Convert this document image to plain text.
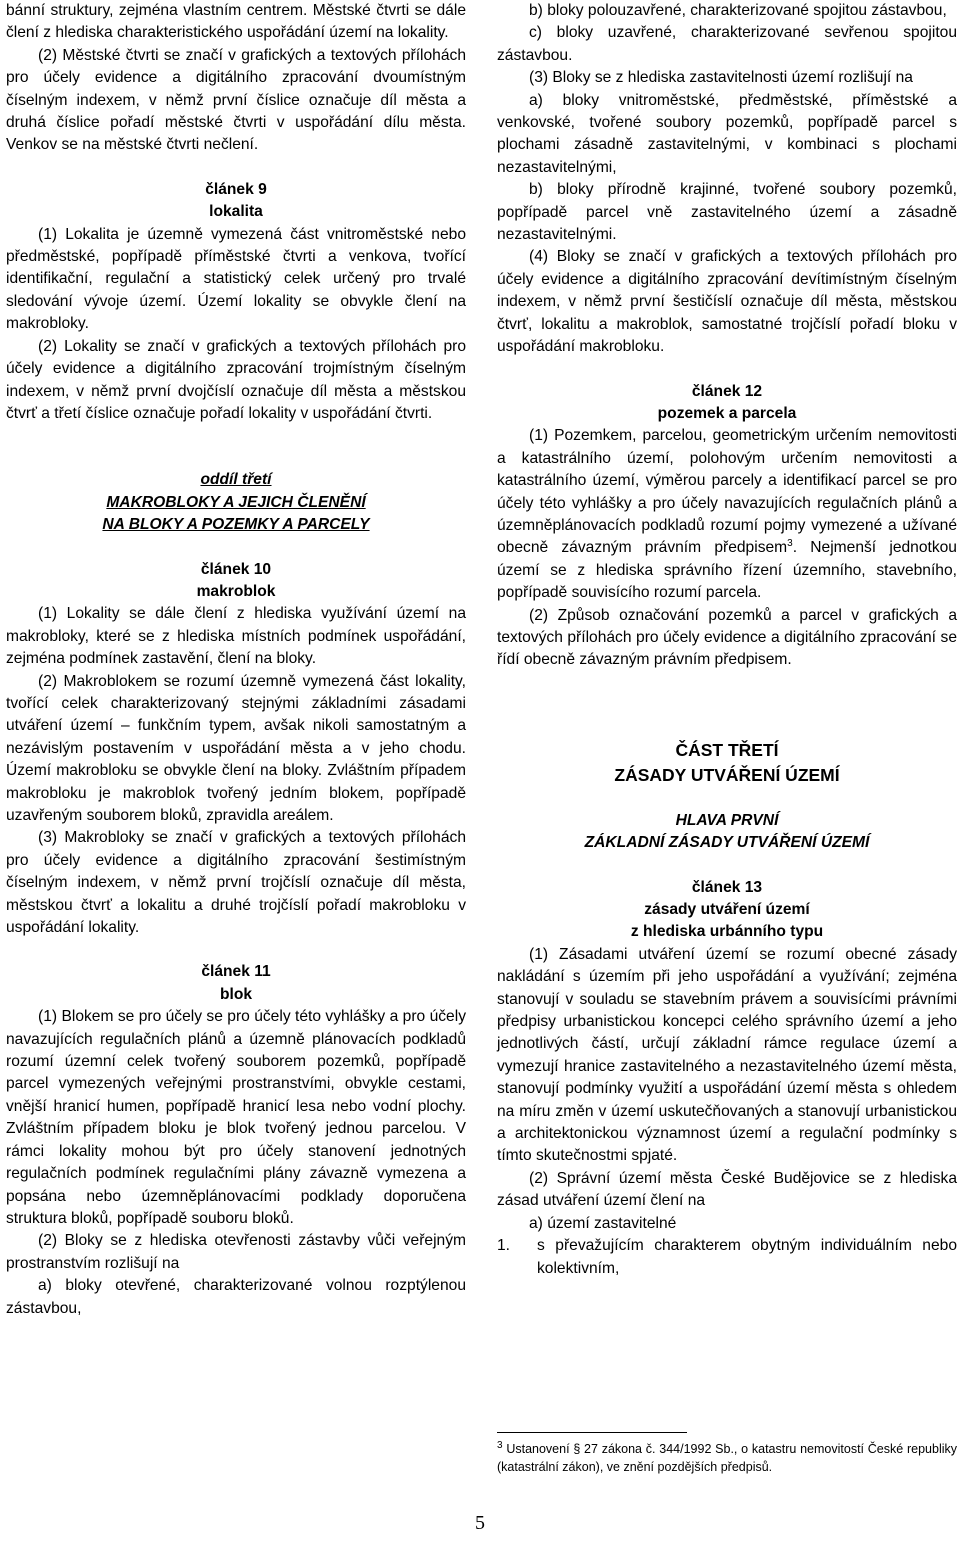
bánní struktury, zejména vlastním centrem. Městské čtvrti se dále člení z hlediska charakteristického uspořádání území na lokality.

(2) Městské čtvrti se značí v grafických a textových přílohách pro účely evidence a digitálního zpracování dvoumístným číselným indexem, v němž první číslice označuje díl města a druhá číslice pořadí městské čtvrti v uspořádání dílu města. Venkov se na městské čtvrti nečlení.

článek 9

lokalita

(1) Lokalita je územně vymezená část vnitroměstské nebo předměstské, popřípadě příměstské čtvrti a venkova, tvořící identifikační, regulační a statistický celek určený pro trvalé sledování vývoje území. Území lokality se obvykle člení na makrobloky.

(2) Lokality se značí v grafických a textových přílohách pro účely evidence a digitálního zpracování trojmístným číselným indexem, v němž první dvojčíslí označuje díl města a městskou čtvrť a třetí číslice označuje pořadí lokality v uspořádání čtvrti.

oddíl třetí

MAKROBLOKY A JEJICH ČLENĚNÍ

NA BLOKY A POZEMKY A PARCELY

článek 10

makroblok

(1) Lokality se dále člení z hlediska využívání území na makrobloky, které se z hlediska místních podmínek uspořádání, zejména podmínek zastavění, člení na bloky.

(2) Makroblokem se rozumí územně vymezená část lokality, tvořící celek charakterizovaný stejnými základními zásadami utváření území – funkčním typem, avšak nikoli samostatným a nezávislým postavením v uspořádání města a v jeho chodu. Území makrobloku se obvykle člení na bloky. Zvláštním případem makrobloku je makroblok tvořený jedním blokem, popřípadě uzavřeným souborem bloků, zpravidla areálem.

(3) Makrobloky se značí v grafických a textových přílohách pro účely evidence a digitálního zpracování šestimístným číselným indexem, v němž první trojčíslí označuje díl města, městskou čtvrť a lokalitu a druhé trojčíslí pořadí makrobloku v uspořádání lokality.

článek 11

blok

(1) Blokem se pro účely se pro účely této vyhlášky a pro účely navazujících regulačních plánů a územně plánovacích podkladů rozumí územní celek tvořený souborem pozemků, popřípadě parcel vymezených veřejnými prostranstvími, obvykle cestami, vnější hranicí humen, popřípadě hranicí lesa nebo vodní plochy. Zvláštním případem bloku je blok tvořený jednou parcelou. V rámci lokality mohou být pro účely stanovení jednotných regulačních podmínek regulačními plány závazně vymezena a popsána nebo územněplánovacími podklady doporučena struktura bloků, popřípadě souboru bloků.

(2) Bloky se z hlediska otevřenosti zástavby vůči veřejným prostranstvím rozlišují na

a) bloky otevřené, charakterizované volnou rozptýlenou zástavbou,

b) bloky polouzavřené, charakterizované spojitou zástavbou,

c) bloky uzavřené, charakterizované sevřenou spojitou zástavbou.

(3) Bloky se z hlediska zastavitelnosti území rozlišují na

a) bloky vnitroměstské, předměstské, příměstské a venkovské, tvořené soubory pozemků, popřípadě parcel s plochami zásadně zastavitelnými, v kombinaci s plochami nezastavitelnými,

b) bloky přírodně krajinné, tvořené soubory pozemků, popřípadě parcel vně zastavitelného území a zásadně nezastavitelnými.

(4) Bloky se značí v grafických a textových přílohách pro účely evidence a digitálního zpracování devítimístným číselným indexem, v němž první šestičíslí označuje díl města, městskou čtvrť, lokalitu a makroblok, samostatné trojčíslí pořadí bloku v uspořádání makrobloku.

článek 12

pozemek a parcela

(1) Pozemkem, parcelou, geometrickým určením nemovitosti a katastrálního území, polohovým určením nemovitosti a katastrálního území, výměrou parcely a identifikací parcel se pro účely této vyhlášky a pro účely navazujících regulačních plánů a územněplánovacích podkladů rozumí pojmy vymezené a užívané obecně závazným právním předpisem$^3$. Nejmenší jednotkou území se z hlediska správního řízení územního, stavebního, popřípadě souvisícího rozumí parcela.

(2) Způsob označování pozemků a parcel v grafických a textových přílohách pro účely evidence a digitálního zpracování se řídí obecně závazným právním předpisem.

ČÁST TŘETÍ

ZÁSADY UTVÁŘENÍ ÚZEMÍ

HLAVA PRVNÍ

ZÁKLADNÍ ZÁSADY UTVÁŘENÍ ÚZEMÍ

článek 13

zásady utváření území

z hlediska urbánního typu

(1) Zásadami utváření území se rozumí obecné zásady nakládání s územím při jeho uspořádání a využívání; zejména stanovují v souladu se stavebním právem a souvisícími právními předpisy urbanistickou koncepci celého správního území a jeho jednotlivých částí, určují základní rámce regulace území a vymezují hranice zastavitelného a nezastavitelného území města, stanovují podmínky využití a uspořádání území města s ohledem na míru změn v území uskutečňovaných a stanovují urbanistickou a architektonickou významnost území a regulační podmínky s tímto skutečnostmi spjaté.

(2) Správní území města České Budějovice se z hlediska zásad utváření území člení na

a) území zastavitelné

1.	s převažujícím charakterem obytným individuálním nebo kolektivním,
$^3$ Ustanovení § 27 zákona č. 344/1992 Sb., o katastru nemovitostí České republiky (katastrální zákon), ve znění pozdějších předpisů.
5
